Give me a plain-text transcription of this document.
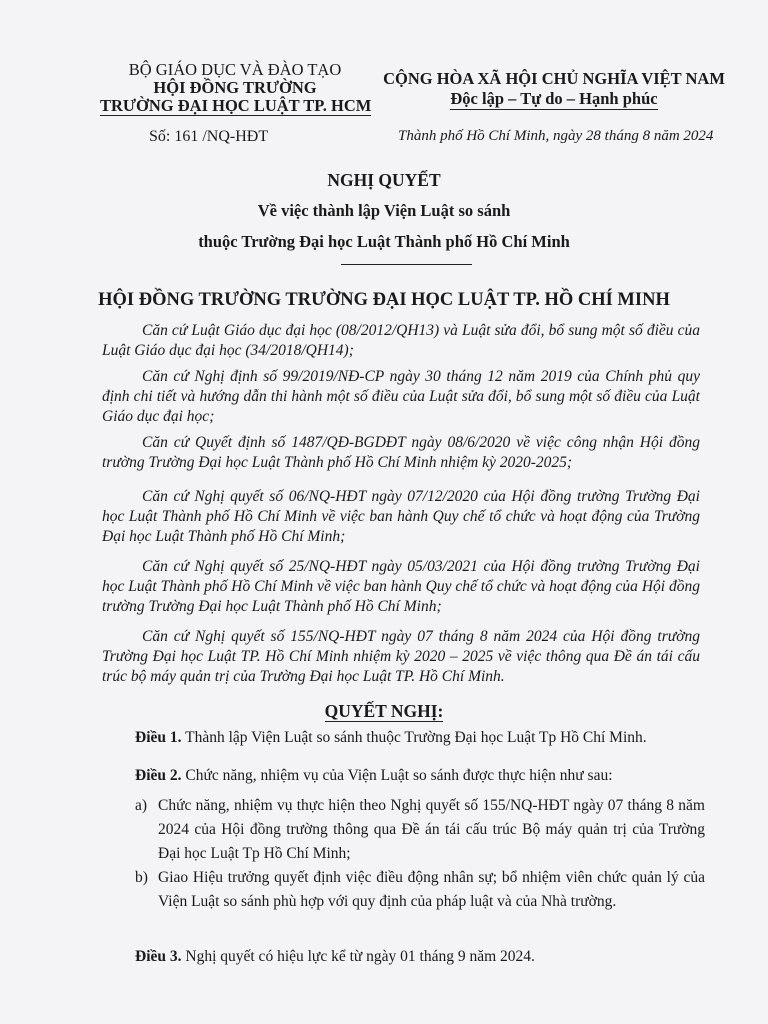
BỘ GIÁO DỤC VÀ ĐÀO TẠO
HỘI ĐỒNG TRƯỜNG
TRƯỜNG ĐẠI HỌC LUẬT TP. HCM
Số: 161 /NQ-HĐT
CỘNG HÒA XÃ HỘI CHỦ NGHĨA VIỆT NAM
Độc lập – Tự do – Hạnh phúc
Thành phố Hồ Chí Minh, ngày 28 tháng 8 năm 2024
NGHỊ QUYẾT
Về việc thành lập Viện Luật so sánh
thuộc Trường Đại học Luật Thành phố Hồ Chí Minh
HỘI ĐỒNG TRƯỜNG TRƯỜNG ĐẠI HỌC LUẬT TP. HỒ CHÍ MINH
Căn cứ Luật Giáo dục đại học (08/2012/QH13) và Luật sửa đổi, bổ sung một số điều của Luật Giáo dục đại học (34/2018/QH14);
Căn cứ Nghị định số 99/2019/NĐ-CP ngày 30 tháng 12 năm 2019 của Chính phủ quy định chi tiết và hướng dẫn thi hành một số điều của Luật sửa đổi, bổ sung một số điều của Luật Giáo dục đại học;
Căn cứ Quyết định số 1487/QĐ-BGDĐT ngày 08/6/2020 về việc công nhận Hội đồng trường Trường Đại học Luật Thành phố Hồ Chí Minh nhiệm kỳ 2020-2025;
Căn cứ Nghị quyết số 06/NQ-HĐT ngày 07/12/2020 của Hội đồng trường Trường Đại học Luật Thành phố Hồ Chí Minh về việc ban hành Quy chế tổ chức và hoạt động của Trường Đại học Luật Thành phố Hồ Chí Minh;
Căn cứ Nghị quyết số 25/NQ-HĐT ngày 05/03/2021 của Hội đồng trường Trường Đại học Luật Thành phố Hồ Chí Minh về việc ban hành Quy chế tổ chức và hoạt động của Hội đồng trường Trường Đại học Luật Thành phố Hồ Chí Minh;
Căn cứ Nghị quyết số 155/NQ-HĐT ngày 07 tháng 8 năm 2024 của Hội đồng trường Trường Đại học Luật TP. Hồ Chí Minh nhiệm kỳ 2020 – 2025 về việc thông qua Đề án tái cấu trúc bộ máy quản trị của Trường Đại học Luật TP. Hồ Chí Minh.
QUYẾT NGHỊ:
Điều 1. Thành lập Viện Luật so sánh thuộc Trường Đại học Luật Tp Hồ Chí Minh.
Điều 2. Chức năng, nhiệm vụ của Viện Luật so sánh được thực hiện như sau:
a) Chức năng, nhiệm vụ thực hiện theo Nghị quyết số 155/NQ-HĐT ngày 07 tháng 8 năm 2024 của Hội đồng trường thông qua Đề án tái cấu trúc Bộ máy quản trị của Trường Đại học Luật Tp Hồ Chí Minh;
b) Giao Hiệu trưởng quyết định việc điều động nhân sự; bổ nhiệm viên chức quản lý của Viện Luật so sánh phù hợp với quy định của pháp luật và của Nhà trường.
Điều 3. Nghị quyết có hiệu lực kể từ ngày 01 tháng 9 năm 2024.
